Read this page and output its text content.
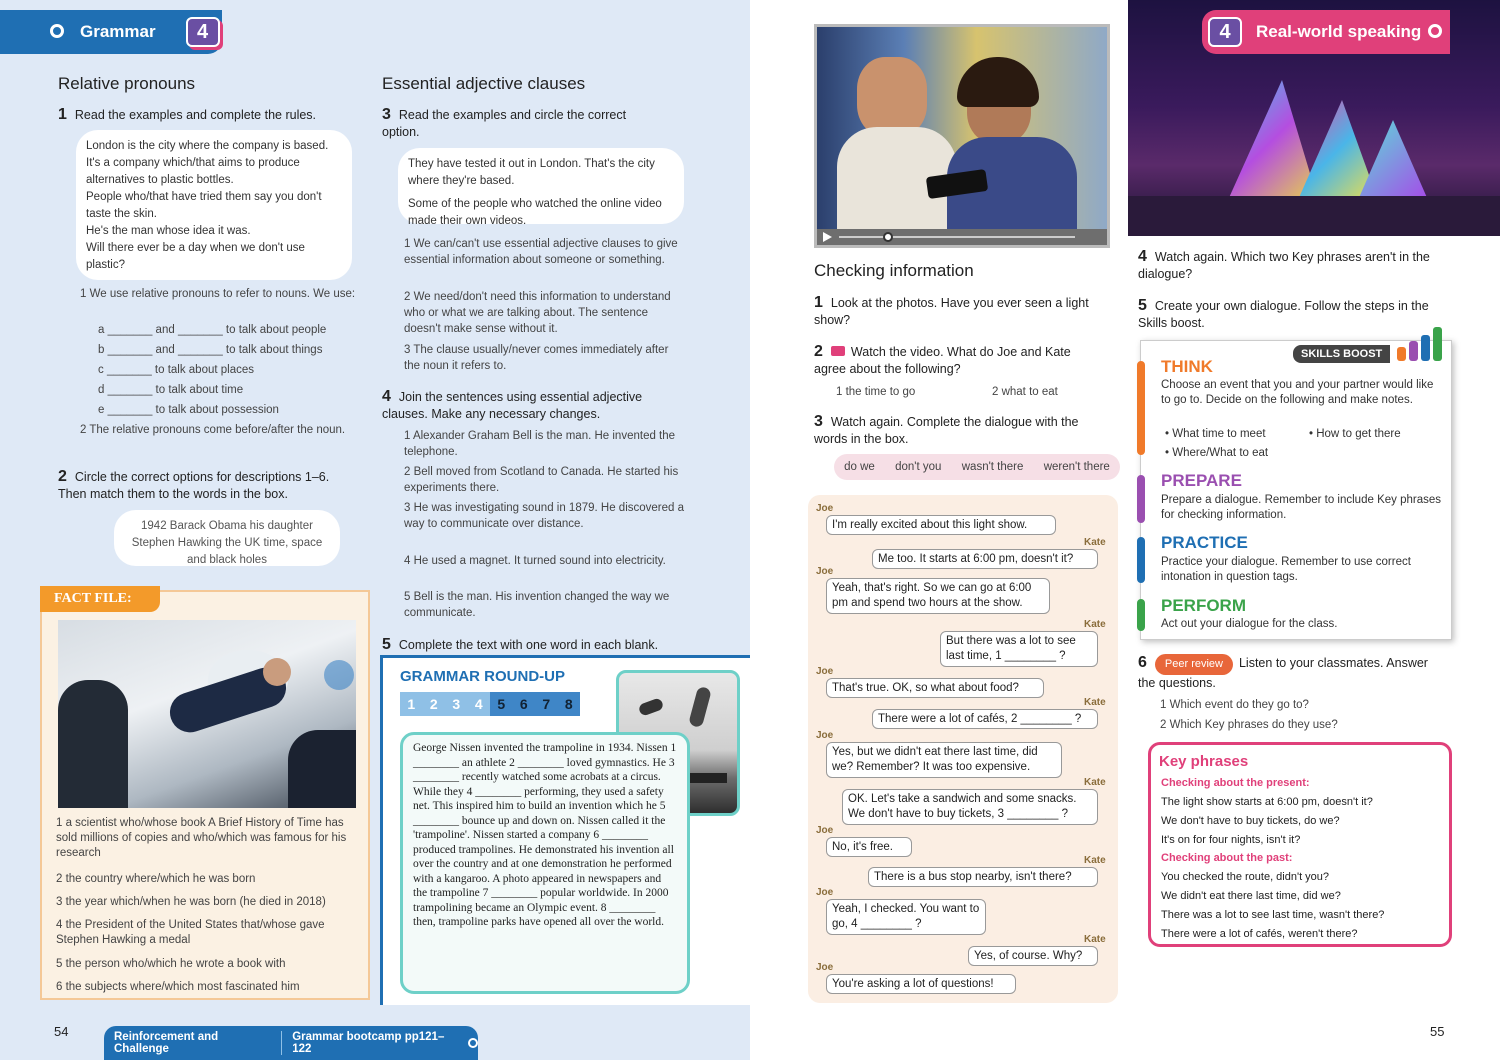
Grammar	4
Relative pronouns
1 Read the examples and complete the rules.
London is the city where the company is based.
It's a company which/that aims to produce alternatives to plastic bottles.
People who/that have tried them say you don't taste the skin.
He's the man whose idea it was.
Will there ever be a day when we don't use plastic?
1 We use relative pronouns to refer to nouns. We use:
a _______ and _______ to talk about people
b _______ and _______ to talk about things
c _______ to talk about places
d _______ to talk about time
e _______ to talk about possession
2 The relative pronouns come before/after the noun.
2 Circle the correct options for descriptions 1–6. Then match them to the words in the box.
1942 Barack Obama his daughter Stephen Hawking the UK time, space and black holes
FACT FILE:
1 a scientist who/whose book A Brief History of Time has sold millions of copies and who/which was famous for his research
2 the country where/which he was born
3 the year which/when he was born (he died in 2018)
4 the President of the United States that/whose gave Stephen Hawking a medal
5 the person who/which he wrote a book with
6 the subjects where/which most fascinated him
Essential adjective clauses
3 Read the examples and circle the correct option.
They have tested it out in London. That's the city where they're based.
Some of the people who watched the online video made their own videos.
1 We can/can't use essential adjective clauses to give essential information about someone or something.
2 We need/don't need this information to understand who or what we are talking about. The sentence doesn't make sense without it.
3 The clause usually/never comes immediately after the noun it refers to.
4 Join the sentences using essential adjective clauses. Make any necessary changes.
1 Alexander Graham Bell is the man. He invented the telephone.
2 Bell moved from Scotland to Canada. He started his experiments there.
3 He was investigating sound in 1879. He discovered a way to communicate over distance.
4 He used a magnet. It turned sound into electricity.
5 Bell is the man. His invention changed the way we communicate.
5 Complete the text with one word in each blank.
GRAMMAR ROUND-UP
1	2	3	4	5	6	7	8
George Nissen invented the trampoline in 1934. Nissen 1 ________ an athlete 2 ________ loved gymnastics. He 3 ________ recently watched some acrobats at a circus. While they 4 ________ performing, they used a safety net. This inspired him to build an invention which he 5 ________ bounce up and down on. Nissen called it the 'trampoline'. Nissen started a company 6 ________ produced trampolines. He demonstrated his invention all over the country and at one demonstration he performed with a kangaroo. A photo appeared in newspapers and the trampoline 7 ________ popular worldwide. In 2000 trampolining became an Olympic event. 8 ________ then, trampoline parks have opened all over the world.
54	Reinforcement and Challenge
Grammar bootcamp pp121–122
4	Real-world speaking
Checking information
1 Look at the photos. Have you ever seen a light show?
2 Watch the video. What do Joe and Kate agree about the following?
1 the time to go	2 what to eat
3 Watch again. Complete the dialogue with the words in the box.
do we don't you wasn't there weren't there
Joe
I'm really excited about this light show.
Kate
Me too. It starts at 6:00 pm, doesn't it?
Joe
Yeah, that's right. So we can go at 6:00 pm and spend two hours at the show.
Kate
But there was a lot to see last time, 1 ________ ?
Joe
That's true. OK, so what about food?
Kate
There were a lot of cafés, 2 ________ ?
Joe
Yes, but we didn't eat there last time, did we? Remember? It was too expensive.
Kate
OK. Let's take a sandwich and some snacks. We don't have to buy tickets, 3 ________ ?
Joe
No, it's free.
Kate
There is a bus stop nearby, isn't there?
Joe
Yeah, I checked. You want to go, 4 ________ ?
Kate
Yes, of course. Why?
Joe
You're asking a lot of questions!
4 Watch again. Which two Key phrases aren't in the dialogue?
5 Create your own dialogue. Follow the steps in the Skills boost.
SKILLS BOOST
THINK
Choose an event that you and your partner would like to go to. Decide on the following and make notes.
• What time to meet	• How to get there
• Where/What to eat
PREPARE
Prepare a dialogue. Remember to include Key phrases for checking information.
PRACTICE
Practice your dialogue. Remember to use correct intonation in question tags.
PERFORM
Act out your dialogue for the class.
6 Peer review Listen to your classmates. Answer the questions.
1 Which event do they go to?
2 Which Key phrases do they use?
Key phrases
Checking about the present:
The light show starts at 6:00 pm, doesn't it?
We don't have to buy tickets, do we?
It's on for four nights, isn't it?
Checking about the past:
You checked the route, didn't you?
We didn't eat there last time, did we?
There was a lot to see last time, wasn't there?
There were a lot of cafés, weren't there?
55
